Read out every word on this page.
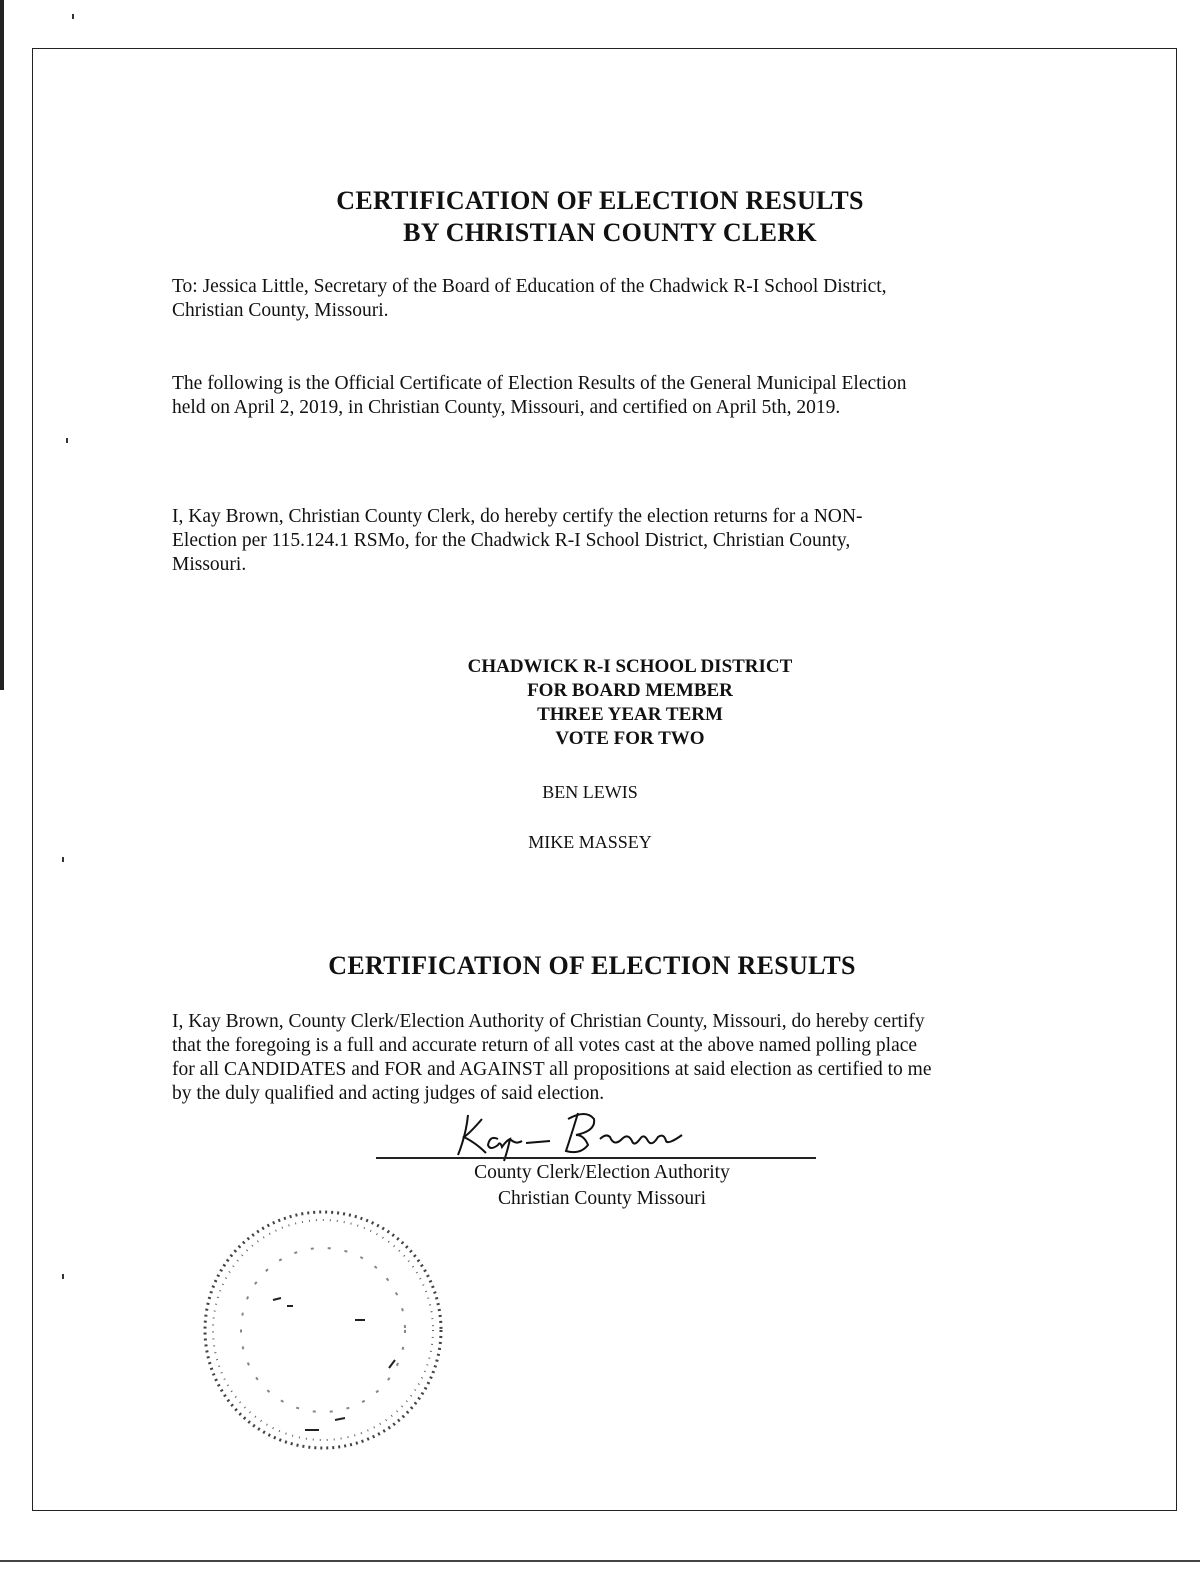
CERTIFICATION OF ELECTION RESULTS
BY CHRISTIAN COUNTY CLERK
To: Jessica Little, Secretary of the Board of Education of the Chadwick R-I School District,
Christian County, Missouri.
The following is the Official Certificate of Election Results of the General Municipal Election
held on April 2, 2019, in Christian County, Missouri, and certified on April 5th, 2019.
I, Kay Brown, Christian County Clerk, do hereby certify the election returns for a NON-
Election per 115.124.1 RSMo, for the Chadwick R-I School District, Christian County,
Missouri.
CHADWICK R-I SCHOOL DISTRICT
FOR BOARD MEMBER
THREE YEAR TERM
VOTE FOR TWO
BEN LEWIS
MIKE MASSEY
CERTIFICATION OF ELECTION RESULTS
I, Kay Brown, County Clerk/Election Authority of Christian County, Missouri, do hereby certify
that the foregoing is a full and accurate return of all votes cast at the above named polling place
for all CANDIDATES and FOR and AGAINST all propositions at said election as certified to me
by the duly qualified and acting judges of said election.
County Clerk/Election Authority
Christian County Missouri
